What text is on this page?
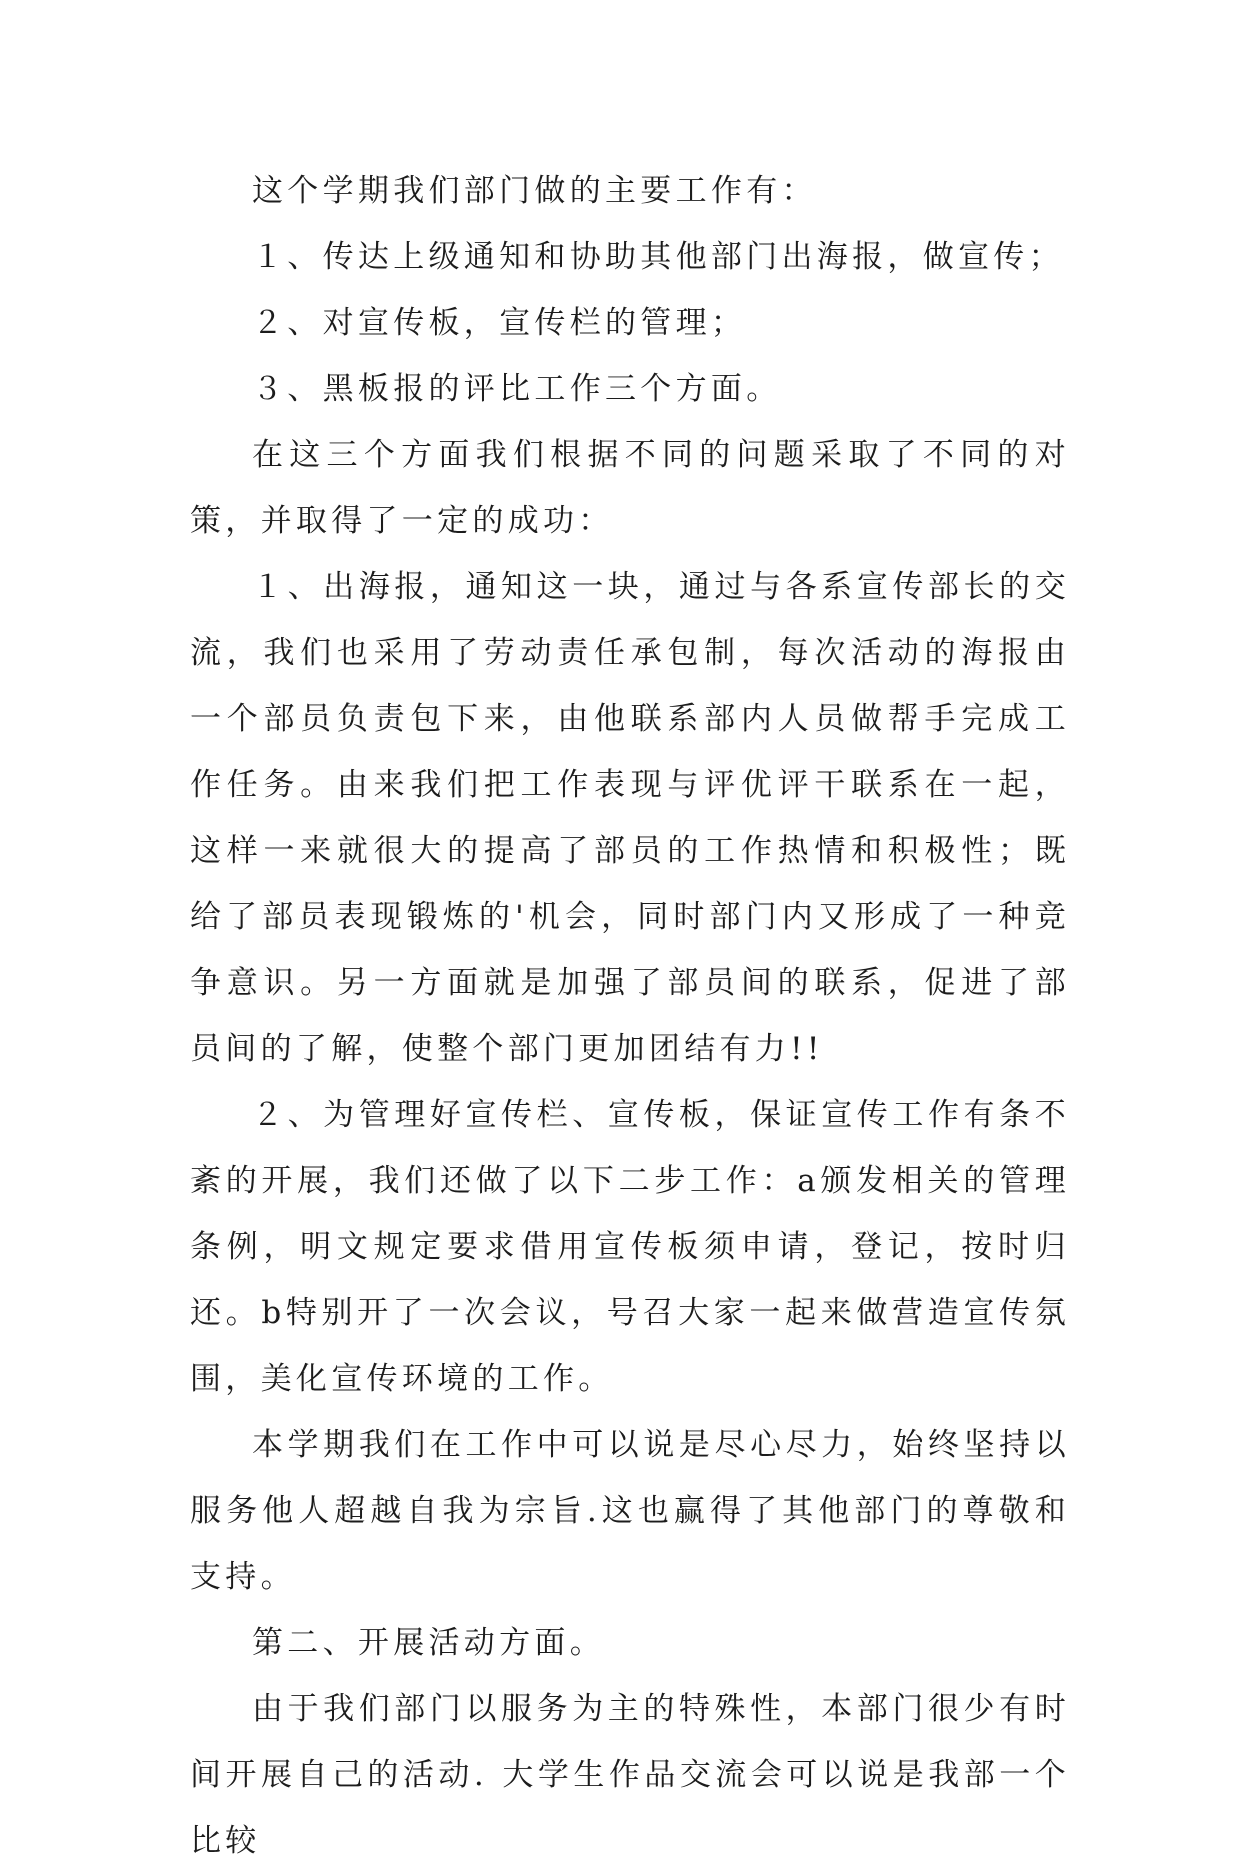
这个学期我们部门做的主要工作有：

１、传达上级通知和协助其他部门出海报，做宣传；

２、对宣传板，宣传栏的管理；

３、黑板报的评比工作三个方面。

在这三个方面我们根据不同的问题采取了不同的对策，并取得了一定的成功：

１、出海报，通知这一块，通过与各系宣传部长的交流，我们也采用了劳动责任承包制，每次活动的海报由一个部员负责包下来，由他联系部内人员做帮手完成工作任务。由来我们把工作表现与评优评干联系在一起，这样一来就很大的提高了部员的工作热情和积极性；既给了部员表现锻炼的'机会，同时部门内又形成了一种竞争意识。另一方面就是加强了部员间的联系，促进了部员间的了解，使整个部门更加团结有力!!

２、为管理好宣传栏、宣传板，保证宣传工作有条不紊的开展，我们还做了以下二步工作：a颁发相关的管理条例，明文规定要求借用宣传板须申请，登记，按时归还。b特别开了一次会议，号召大家一起来做营造宣传氛围，美化宣传环境的工作。

本学期我们在工作中可以说是尽心尽力，始终坚持以服务他人超越自我为宗旨.这也赢得了其他部门的尊敬和支持。

第二、开展活动方面。

由于我们部门以服务为主的特殊性，本部门很少有时间开展自己的活动. 大学生作品交流会可以说是我部一个比较
